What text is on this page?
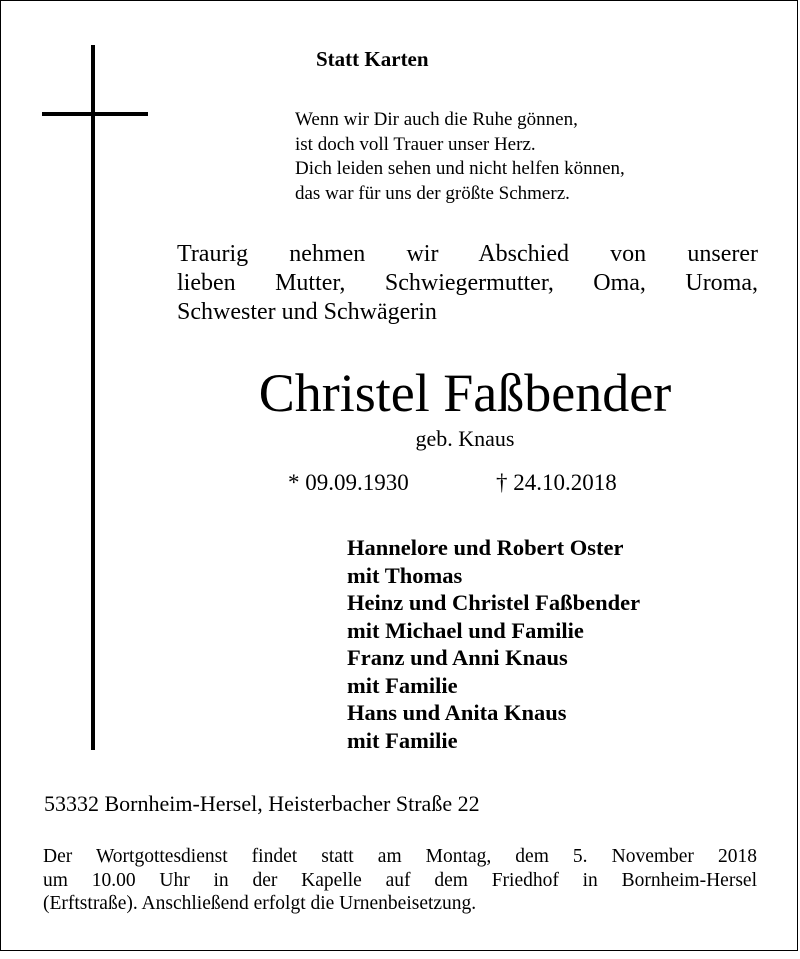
Statt Karten
Wenn wir Dir auch die Ruhe gönnen,
ist doch voll Trauer unser Herz.
Dich leiden sehen und nicht helfen können,
das war für uns der größte Schmerz.
Traurig nehmen wir Abschied von unserer
lieben Mutter, Schwiegermutter, Oma, Uroma,
Schwester und Schwägerin
Christel Faßbender
geb. Knaus
* 09.09.1930	† 24.10.2018
Hannelore und Robert Oster
mit Thomas
Heinz und Christel Faßbender
mit Michael und Familie
Franz und Anni Knaus
mit Familie
Hans und Anita Knaus
mit Familie
53332 Bornheim-Hersel, Heisterbacher Straße 22
Der Wortgottesdienst findet statt am Montag, dem 5. November 2018
um 10.00 Uhr in der Kapelle auf dem Friedhof in Bornheim-Hersel
(Erftstraße). Anschließend erfolgt die Urnenbeisetzung.
